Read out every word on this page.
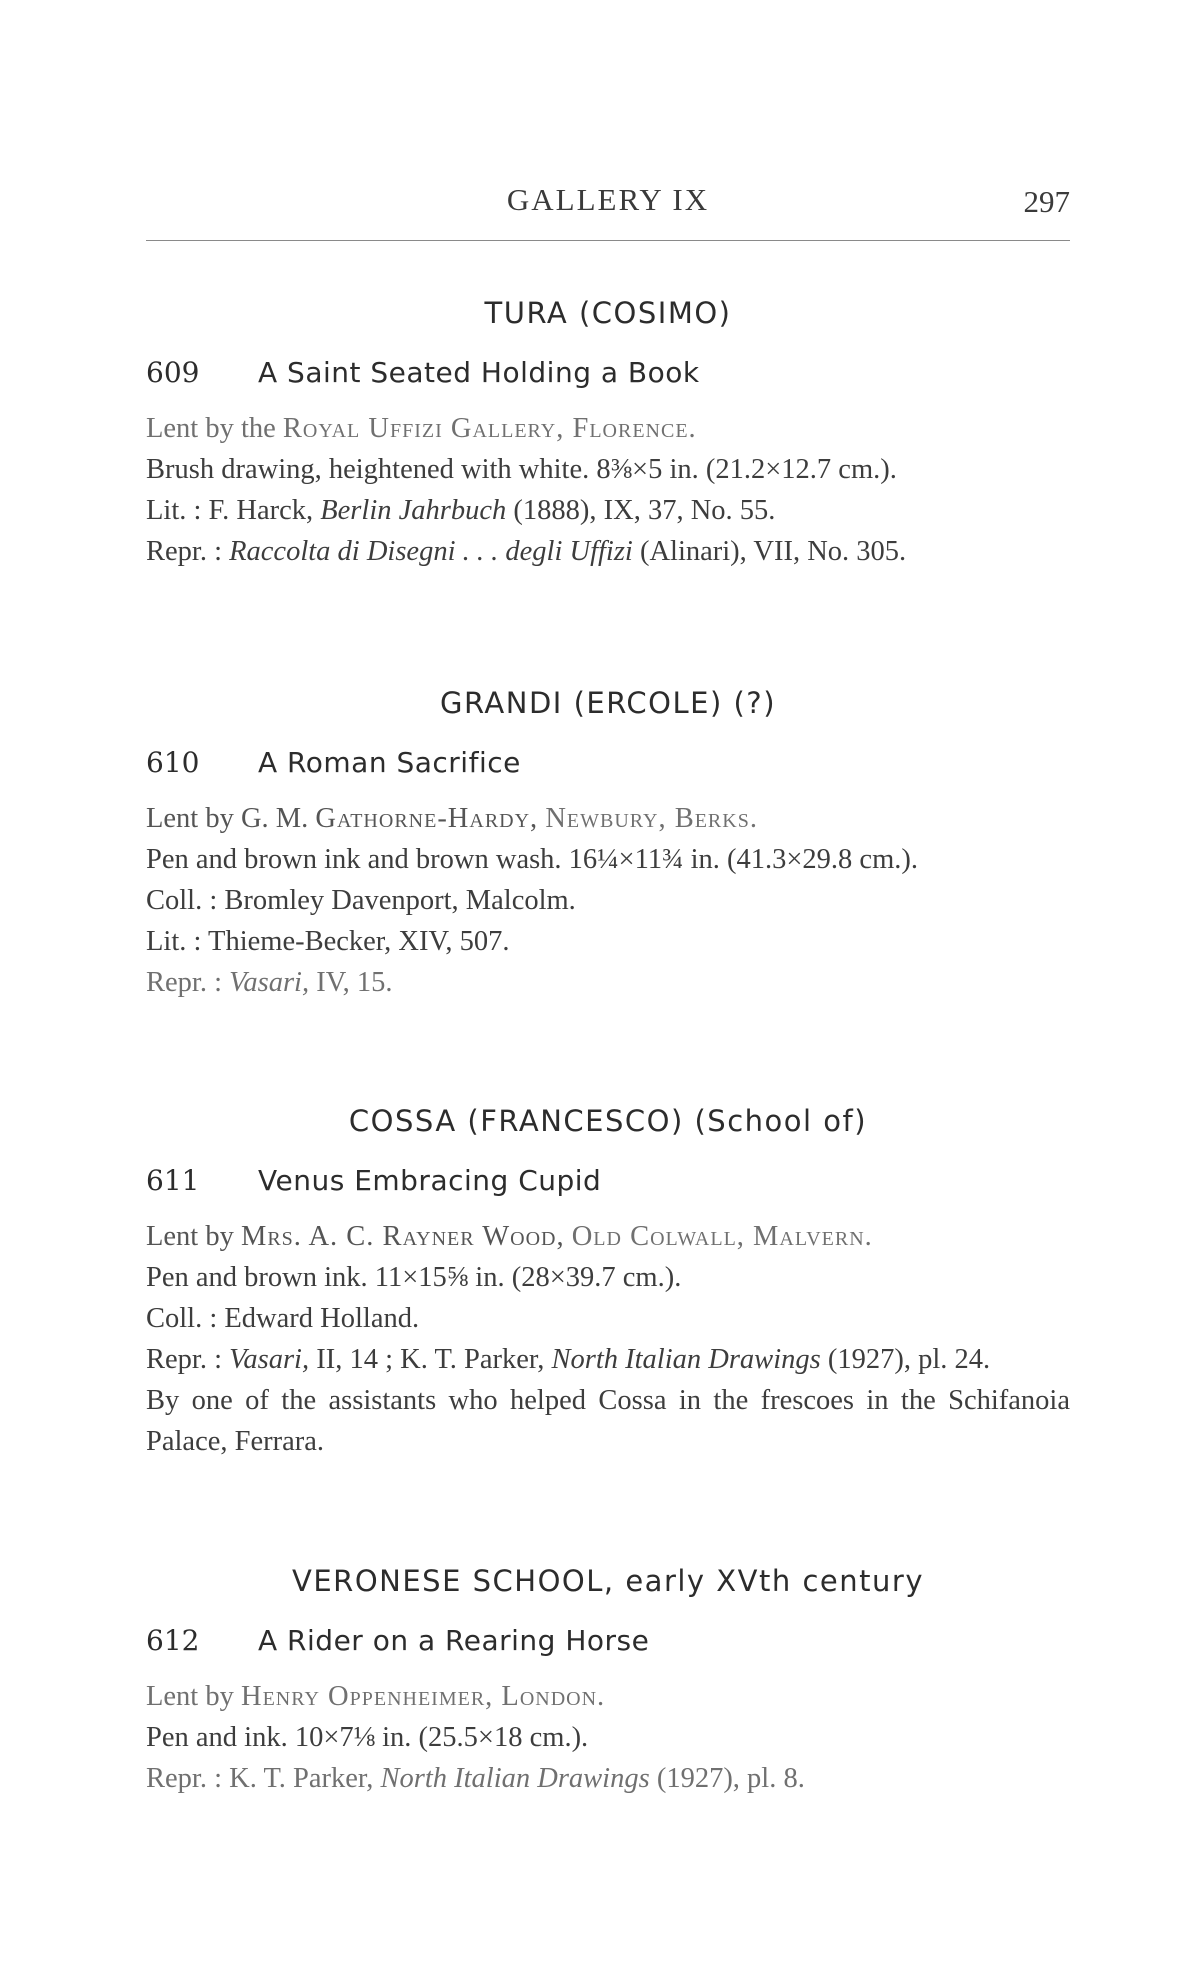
GALLERY IX	297
TURA (COSIMO)
609 A Saint Seated Holding a Book
Lent by the Royal Uffizi Gallery, Florence.
Brush drawing, heightened with white. 8⅜×5 in. (21.2×12.7 cm.).
Lit. : F. Harck, Berlin Jahrbuch (1888), IX, 37, No. 55.
Repr. : Raccolta di Disegni . . . degli Uffizi (Alinari), VII, No. 305.
GRANDI (ERCOLE) (?)
610 A Roman Sacrifice
Lent by G. M. Gathorne-Hardy, Newbury, Berks.
Pen and brown ink and brown wash. 16¼×11¾ in. (41.3×29.8 cm.).
Coll. : Bromley Davenport, Malcolm.
Lit. : Thieme-Becker, XIV, 507.
Repr. : Vasari, IV, 15.
COSSA (FRANCESCO) (School of)
611 Venus Embracing Cupid
Lent by Mrs. A. C. Rayner Wood, Old Colwall, Malvern.
Pen and brown ink. 11×15⅝ in. (28×39.7 cm.).
Coll. : Edward Holland.
Repr. : Vasari, II, 14 ; K. T. Parker, North Italian Drawings (1927), pl. 24.
By one of the assistants who helped Cossa in the frescoes in the Schifanoia Palace, Ferrara.
VERONESE SCHOOL, early XVth century
612 A Rider on a Rearing Horse
Lent by Henry Oppenheimer, London.
Pen and ink. 10×7⅛ in. (25.5×18 cm.).
Repr. : K. T. Parker, North Italian Drawings (1927), pl. 8.
